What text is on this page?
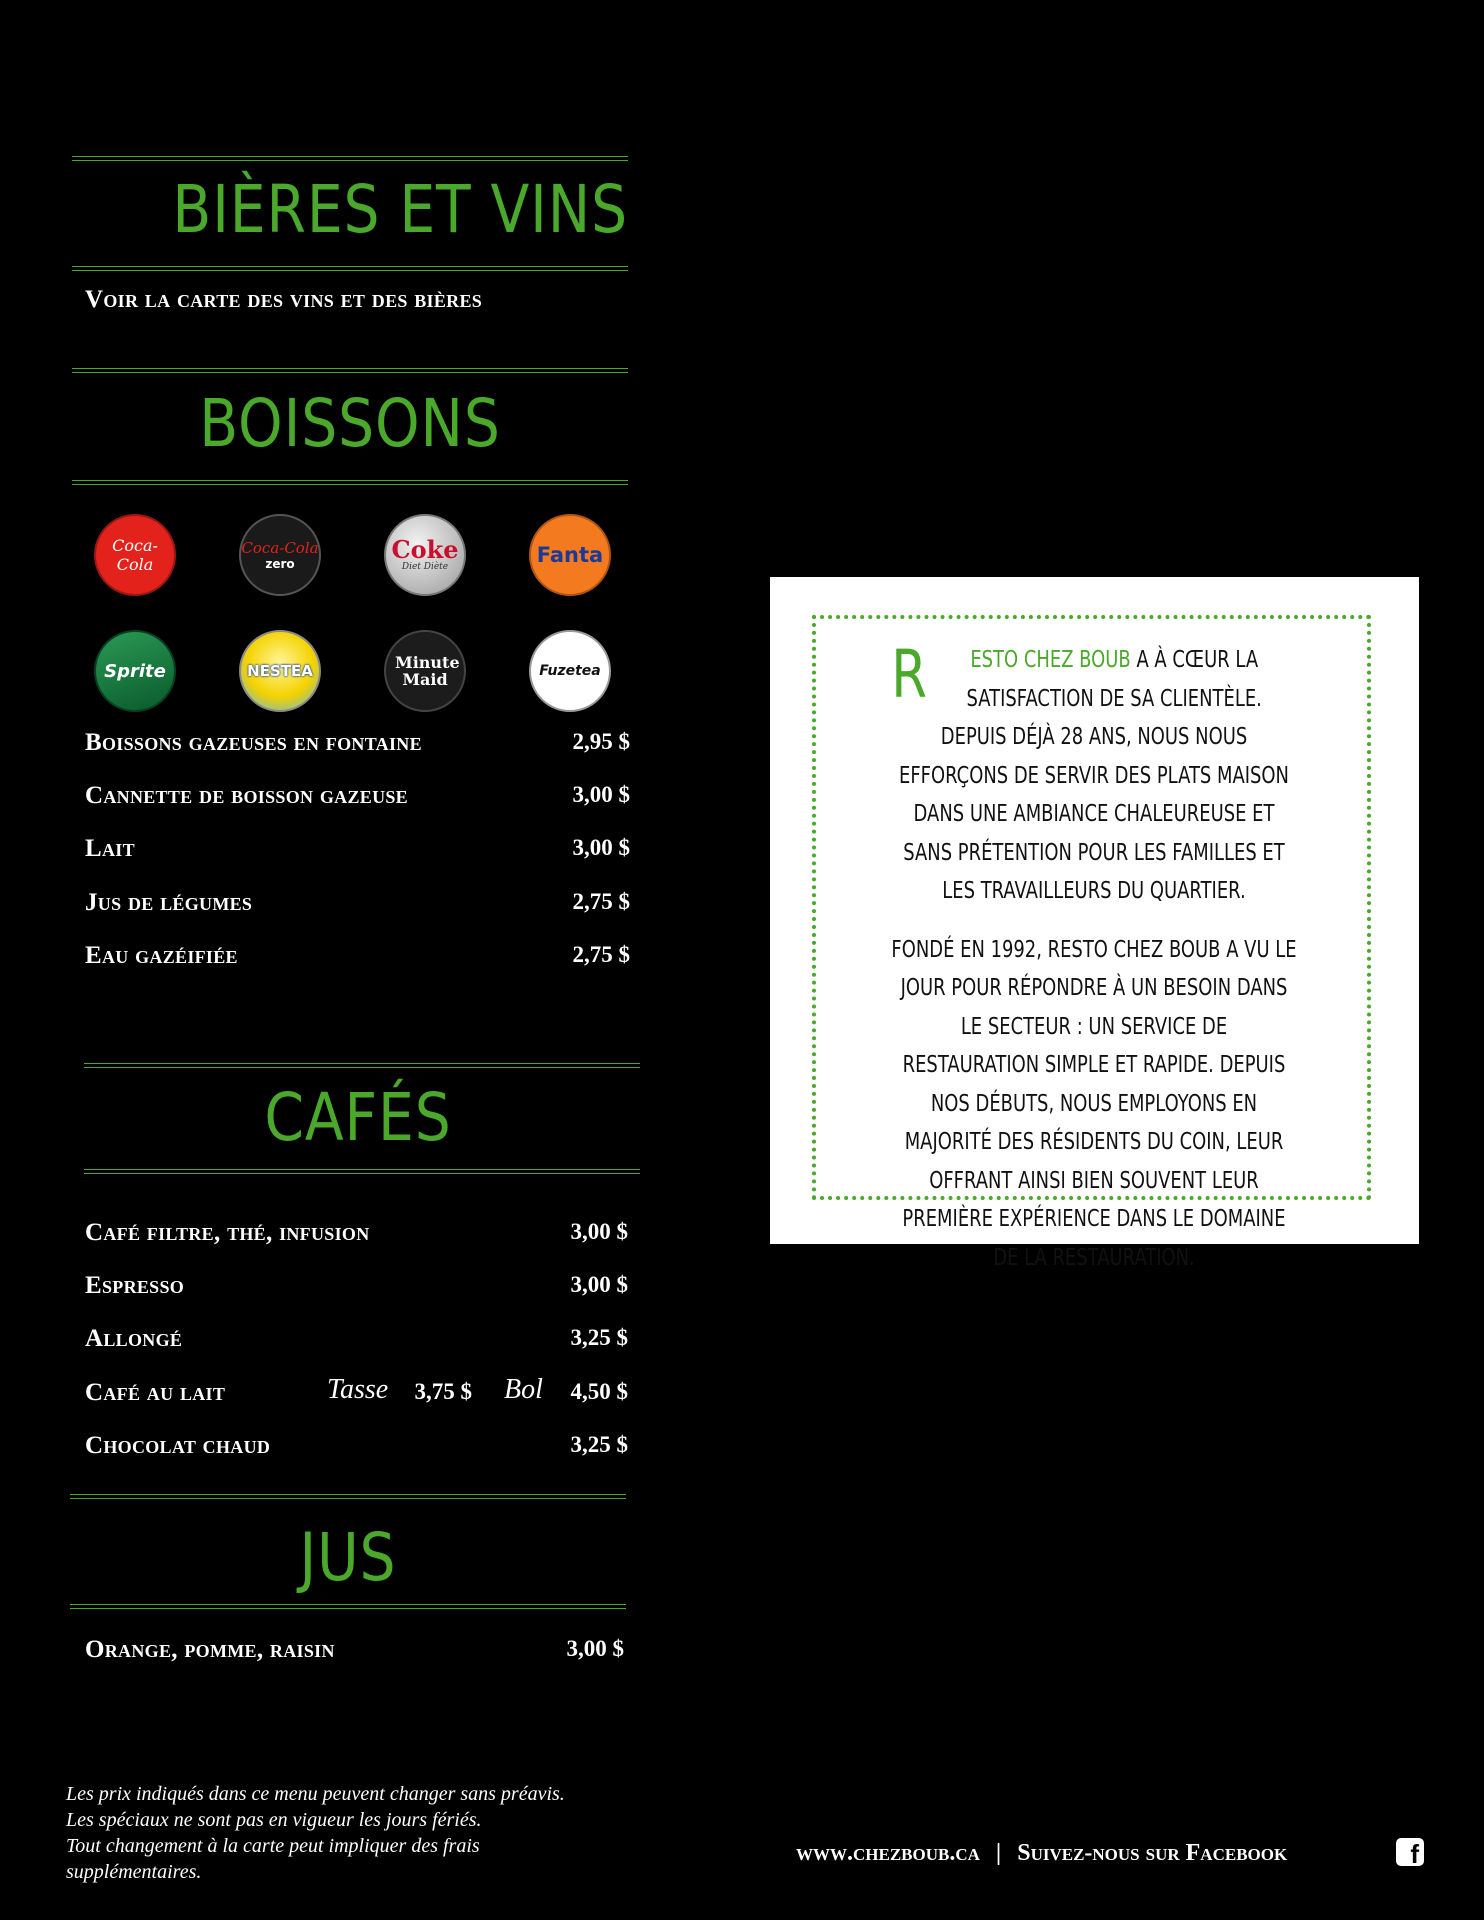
BIÈRES ET VINS
Voir la carte des vins et des bières
BOISSONS
Coca-Cola
Coca-Cola
zero	Coke
Diet Diète	Fanta
Sprite	NESTEA	Minute Maid	Fuzetea
Boissons gazeuses en fontaine	2,95 $
Cannette de boisson gazeuse	3,00 $
Lait	3,00 $
Jus de légumes	2,75 $
Eau gazéifiée	2,75 $
CAFÉS
Café filtre, thé, infusion	3,00 $
Espresso	3,00 $
Allongé	3,25 $
Café au lait	Tasse	3,75 $ Bol	4,50 $
Chocolat chaud	3,25 $
JUS
Orange, pomme, raisin	3,00 $

R ESTO CHEZ BOUB A À CŒUR LA SATISFACTION DE SA CLIENTÈLE. DEPUIS DÉJÀ 28 ANS, NOUS NOUS EFFORÇONS DE SERVIR DES PLATS MAISON DANS UNE AMBIANCE CHALEUREUSE ET SANS PRÉTENTION POUR LES FAMILLES ET LES TRAVAILLEURS DU QUARTIER.

FONDÉ EN 1992, RESTO CHEZ BOUB A VU LE JOUR POUR RÉPONDRE À UN BESOIN DANS LE SECTEUR : UN SERVICE DE RESTAURATION SIMPLE ET RAPIDE. DEPUIS NOS DÉBUTS, NOUS EMPLOYONS EN MAJORITÉ DES RÉSIDENTS DU COIN, LEUR OFFRANT AINSI BIEN SOUVENT LEUR PREMIÈRE EXPÉRIENCE DANS LE DOMAINE DE LA RESTAURATION.

Les prix indiqués dans ce menu peuvent changer sans préavis.
Les spéciaux ne sont pas en vigueur les jours fériés.
Tout changement à la carte peut impliquer des frais
supplémentaires.
www.chezboub.ca | Suivez-nous sur Facebook	f
